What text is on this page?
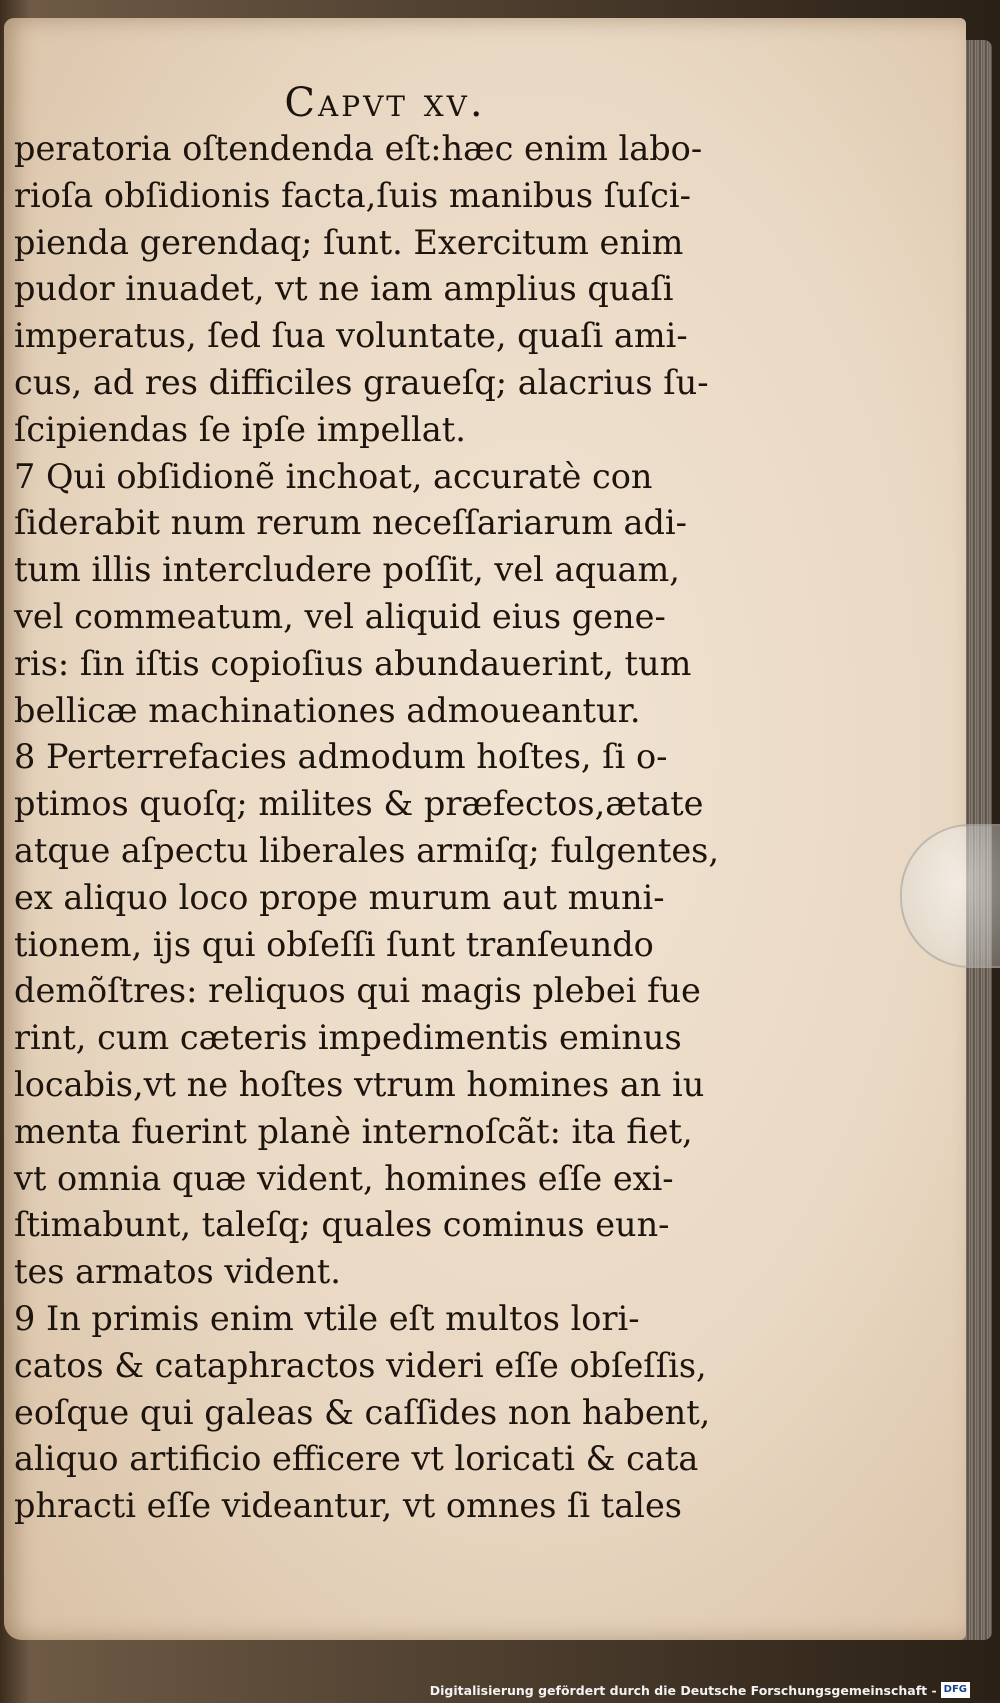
Capvt xv.
peratoria oſtendenda eſt:hæc enim labo-
rioſa obſidionis facta,ſuis manibus ſuſci-
pienda gerendaq; ſunt. Exercitum enim
pudor inuadet, vt ne iam amplius quaſi
imperatus, ſed ſua voluntate, quaſi ami-
cus, ad res difficiles graueſq; alacrius ſu-
ſcipiendas ſe ipſe impellat.
7 Qui obſidionẽ inchoat, accuratè con
ſiderabit num rerum neceſſariarum adi-
tum illis intercludere poſſit, vel aquam,
vel commeatum, vel aliquid eius gene-
ris: ſin iſtis copioſius abundauerint, tum
bellicæ machinationes admoueantur.
8 Perterrefacies admodum hoſtes, ſi o-
ptimos quoſq; milites & præfectos,ætate
atque aſpectu liberales armiſq; fulgentes,
ex aliquo loco prope murum aut muni-
tionem, ijs qui obſeſſi ſunt tranſeundo
demõſtres: reliquos qui magis plebei fue
rint, cum cæteris impedimentis eminus
locabis,vt ne hoſtes vtrum homines an iu
menta fuerint planè internoſcãt: ita fiet,
vt omnia quæ vident, homines eſſe exi-
ſtimabunt, taleſq; quales cominus eun-
tes armatos vident.
9 In primis enim vtile eſt multos lori-
catos & cataphractos videri eſſe obſeſſis,
eoſque qui galeas & caſſides non habent,
aliquo artificio efficere vt loricati & cata
phracti eſſe videantur, vt omnes ſi tales
Digitalisierung gefördert durch die Deutsche Forschungsgemeinschaft - DFG
